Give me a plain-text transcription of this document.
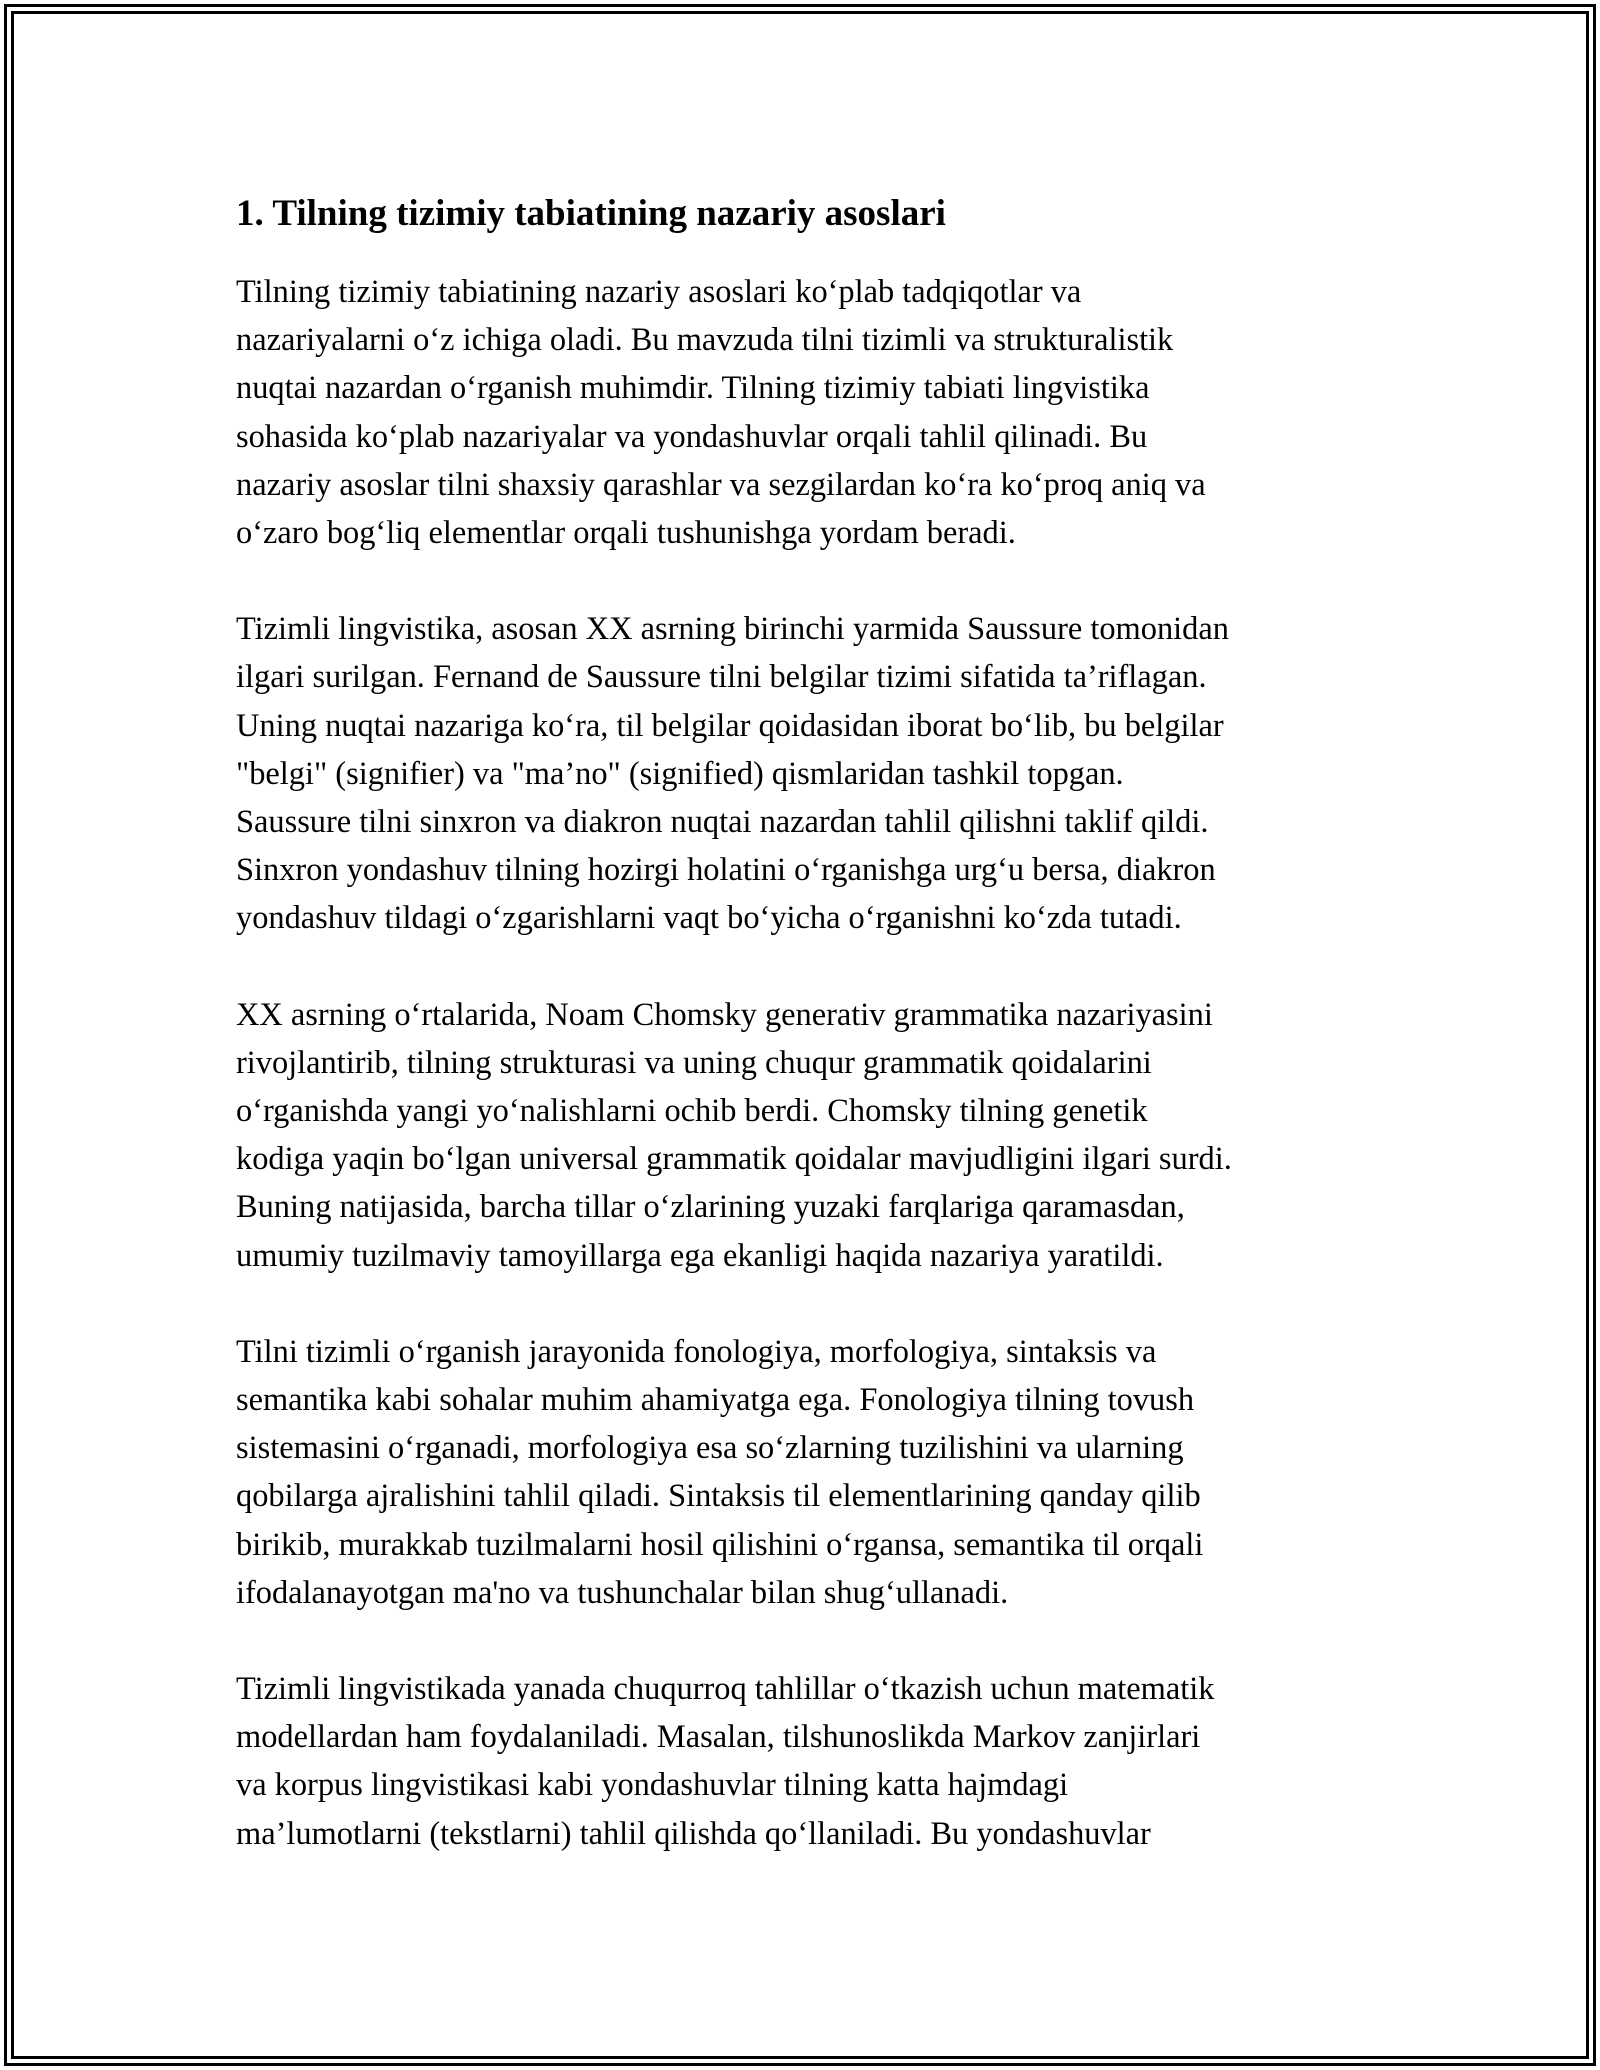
1. Tilning tizimiy tabiatining nazariy asoslari

Tilning tizimiy tabiatining nazariy asoslari koʻplab tadqiqotlar va
nazariyalarni oʻz ichiga oladi. Bu mavzuda tilni tizimli va strukturalistik
nuqtai nazardan oʻrganish muhimdir. Tilning tizimiy tabiati lingvistika
sohasida koʻplab nazariyalar va yondashuvlar orqali tahlil qilinadi. Bu
nazariy asoslar tilni shaxsiy qarashlar va sezgilardan koʻra koʻproq aniq va
oʻzaro bogʻliq elementlar orqali tushunishga yordam beradi.

Tizimli lingvistika, asosan XX asrning birinchi yarmida Saussure tomonidan
ilgari surilgan. Fernand de Saussure tilni belgilar tizimi sifatida ta’riflagan.
Uning nuqtai nazariga koʻra, til belgilar qoidasidan iborat boʻlib, bu belgilar
"belgi" (signifier) va "ma’no" (signified) qismlaridan tashkil topgan.
Saussure tilni sinxron va diakron nuqtai nazardan tahlil qilishni taklif qildi.
Sinxron yondashuv tilning hozirgi holatini oʻrganishga urgʻu bersa, diakron
yondashuv tildagi oʻzgarishlarni vaqt boʻyicha oʻrganishni koʻzda tutadi.

XX asrning oʻrtalarida, Noam Chomsky generativ grammatika nazariyasini
rivojlantirib, tilning strukturasi va uning chuqur grammatik qoidalarini
oʻrganishda yangi yoʻnalishlarni ochib berdi. Chomsky tilning genetik
kodiga yaqin boʻlgan universal grammatik qoidalar mavjudligini ilgari surdi.
Buning natijasida, barcha tillar oʻzlarining yuzaki farqlariga qaramasdan,
umumiy tuzilmaviy tamoyillarga ega ekanligi haqida nazariya yaratildi.

Tilni tizimli oʻrganish jarayonida fonologiya, morfologiya, sintaksis va
semantika kabi sohalar muhim ahamiyatga ega. Fonologiya tilning tovush
sistemasini oʻrganadi, morfologiya esa soʻzlarning tuzilishini va ularning
qobilarga ajralishini tahlil qiladi. Sintaksis til elementlarining qanday qilib
birikib, murakkab tuzilmalarni hosil qilishini oʻrgansa, semantika til orqali
ifodalanayotgan ma'no va tushunchalar bilan shugʻullanadi.

Tizimli lingvistikada yanada chuqurroq tahlillar oʻtkazish uchun matematik
modellardan ham foydalaniladi. Masalan, tilshunoslikda Markov zanjirlari
va korpus lingvistikasi kabi yondashuvlar tilning katta hajmdagi
ma’lumotlarni (tekstlarni) tahlil qilishda qoʻllaniladi. Bu yondashuvlar
